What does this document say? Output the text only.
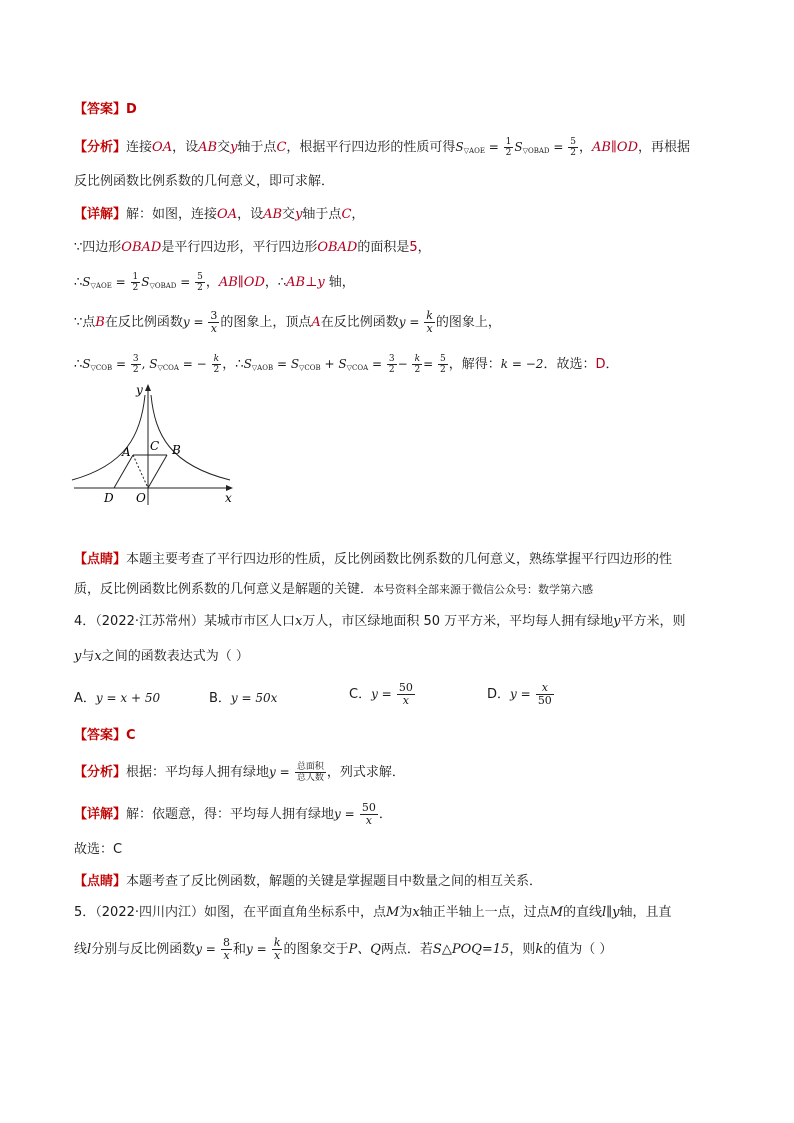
【答案】D
【分析】连接OA，设AB交y轴于点C，根据平行四边形的性质可得$S_{▽AOE} = \frac{1}{2} S_{▽OBAD} = \frac{5}{2}$ ，AB∥OD，再根据
反比例函数比例系数的几何意义，即可求解．
【详解】解：如图，连接OA，设AB交y轴于点C，
∵四边形OBAD是平行四边形，平行四边形OBAD的面积是5，
$\therefore S_{▽AOE} = \frac{1}{2} S_{▽OBAD} = \frac{5}{2}$ ，AB∥OD，∴AB⊥y 轴，
∵点B在反比例函数$y = \frac{3}{x}$ 的图象上，顶点A在反比例函数$y = \frac{k}{x}$ 的图象上，
$\therefore S_{▽COB} = \frac{3}{2}$ , $S_{▽COA}$ = − $\frac{k}{2}$ ，$\therefore S_{▽AOB} = S_{▽COB} + S_{▽COA} = \frac{3}{2} - \frac{k}{2} = \frac{5}{2}$ ，解得：k = −2．故选：D．
y
x
A	B
C
D O
【点睛】本题主要考查了平行四边形的性质，反比例函数比例系数的几何意义，熟练掌握平行四边形的性
质，反比例函数比例系数的几何意义是解题的关键．本号资料全部来源于微信公众号：数学第六感
4．（2022·江苏常州）某城市市区人口x万人，市区绿地面积 50 万平方米，平均每人拥有绿地y平方米，则
y与x之间的函数表达式为（ ）
A．y = x + 50	B．y = 50x	C．$y = \frac{50}{x}$	D．$y = \frac{x}{50}$
【答案】C
【分析】根据：平均每人拥有绿地y = 总面积
总人数 ，列式求解．
【详解】解：依题意，得：平均每人拥有绿地$y = \frac{50}{x}$ ．
故选：C
【点睛】本题考查了反比例函数，解题的关键是掌握题目中数量之间的相互关系．
5．（2022·四川内江）如图，在平面直角坐标系中，点M为x轴正半轴上一点，过点M的直线l∥y轴，且直
线l分别与反比例函数$y = \frac{8}{x}$ 和$y = \frac{k}{x}$ 的图象交于P、Q两点．若S△POQ=15，则k的值为（ ）
